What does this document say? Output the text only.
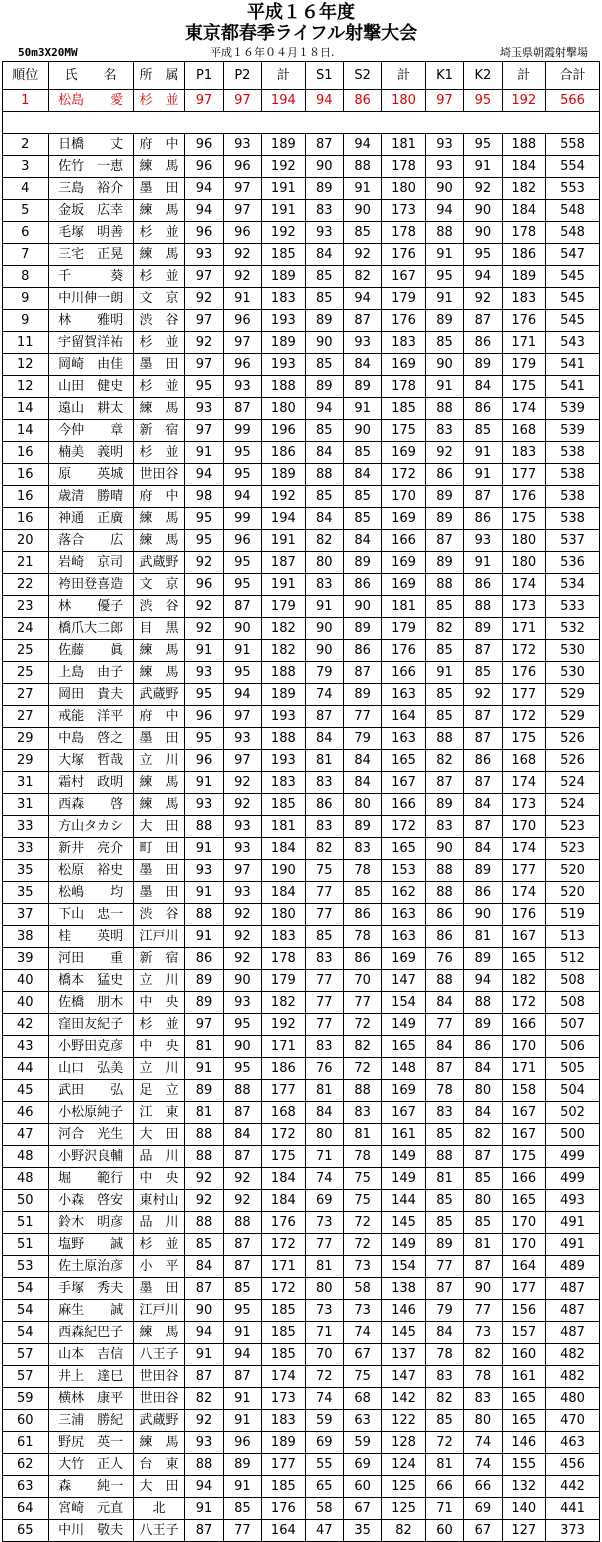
平成１６年度
東京都春季ライフル射撃大会
50m3X20MW	平成１６年０４月１８日.	埼玉県朝霞射撃場
順位	氏　　名	所　属	P1	P2	計	S1	S2	計	K1	K2	計	合計
1	松島　　愛	杉　並	97	97	194	94	86	180	97	95	192	566

2	日橋　　丈	府　中	96	93	189	87	94	181	93	95	188	558
3	佐竹　一恵	練　馬	96	96	192	90	88	178	93	91	184	554
4	三島　裕介	墨　田	94	97	191	89	91	180	90	92	182	553
5	金坂　広幸	練　馬	94	97	191	83	90	173	94	90	184	548
6	毛塚　明善	杉　並	96	96	192	93	85	178	88	90	178	548
7	三宅　正晃	練　馬	93	92	185	84	92	176	91	95	186	547
8	千　　　葵	杉　並	97	92	189	85	82	167	95	94	189	545
9	中川伸一朗	文　京	92	91	183	85	94	179	91	92	183	545
9	林　　雅明	渋　谷	97	96	193	89	87	176	89	87	176	545
11	宇留賀洋祐	杉　並	92	97	189	90	93	183	85	86	171	543
12	岡崎　由佳	墨　田	97	96	193	85	84	169	90	89	179	541
12	山田　健史	杉　並	95	93	188	89	89	178	91	84	175	541
14	遠山　耕太	練　馬	93	87	180	94	91	185	88	86	174	539
14	今仲　　章	新　宿	97	99	196	85	90	175	83	85	168	539
16	楠美　義明	杉　並	91	95	186	84	85	169	92	91	183	538
16	原　　英城	世田谷	94	95	189	88	84	172	86	91	177	538
16	歳清　勝晴	府　中	98	94	192	85	85	170	89	87	176	538
16	神通　正廣	練　馬	95	99	194	84	85	169	89	86	175	538
20	落合　　広	練　馬	95	96	191	82	84	166	87	93	180	537
21	岩崎　京司	武蔵野	92	95	187	80	89	169	89	91	180	536
22	袴田登喜造	文　京	96	95	191	83	86	169	88	86	174	534
23	林　　優子	渋　谷	92	87	179	91	90	181	85	88	173	533
24	橋爪大二郎	目　黒	92	90	182	90	89	179	82	89	171	532
25	佐藤　　眞	練　馬	91	91	182	90	86	176	85	87	172	530
25	上島　由子	練　馬	93	95	188	79	87	166	91	85	176	530
27	岡田　貴夫	武蔵野	95	94	189	74	89	163	85	92	177	529
27	戒能　洋平	府　中	96	97	193	87	77	164	85	87	172	529
29	中島　啓之	墨　田	95	93	188	84	79	163	88	87	175	526
29	大塚　哲哉	立　川	96	97	193	81	84	165	82	86	168	526
31	霜村　政明	練　馬	91	92	183	83	84	167	87	87	174	524
31	西森　　啓	練　馬	93	92	185	86	80	166	89	84	173	524
33	方山タカシ	大　田	88	93	181	83	89	172	83	87	170	523
33	新井　亮介	町　田	91	93	184	82	83	165	90	84	174	523
35	松原　裕史	墨　田	93	97	190	75	78	153	88	89	177	520
35	松嶋　　均	墨　田	91	93	184	77	85	162	88	86	174	520
37	下山　忠一	渋　谷	88	92	180	77	86	163	86	90	176	519
38	桂　　英明	江戸川	91	92	183	85	78	163	86	81	167	513
39	河田　　重	新　宿	86	92	178	83	86	169	76	89	165	512
40	橋本　猛史	立　川	89	90	179	77	70	147	88	94	182	508
40	佐橋　朋木	中　央	89	93	182	77	77	154	84	88	172	508
42	窪田友紀子	杉　並	97	95	192	77	72	149	77	89	166	507
43	小野田克彦	中　央	81	90	171	83	82	165	84	86	170	506
44	山口　弘美	立　川	91	95	186	76	72	148	87	84	171	505
45	武田　　弘	足　立	89	88	177	81	88	169	78	80	158	504
46	小松原純子	江　東	81	87	168	84	83	167	83	84	167	502
47	河合　光生	大　田	88	84	172	80	81	161	85	82	167	500
48	小野沢良輔	品　川	88	87	175	71	78	149	88	87	175	499
48	堀　　範行	中　央	92	92	184	74	75	149	81	85	166	499
50	小森　啓安	東村山	92	92	184	69	75	144	85	80	165	493
51	鈴木　明彦	品　川	88	88	176	73	72	145	85	85	170	491
51	塩野　　誠	杉　並	85	87	172	77	72	149	89	81	170	491
53	佐土原治彦	小　平	84	87	171	81	73	154	77	87	164	489
54	手塚　秀夫	墨　田	87	85	172	80	58	138	87	90	177	487
54	麻生　　誠	江戸川	90	95	185	73	73	146	79	77	156	487
54	西森紀巴子	練　馬	94	91	185	71	74	145	84	73	157	487
57	山本　吉信	八王子	91	94	185	70	67	137	78	82	160	482
57	井上　達巳	世田谷	87	87	174	72	75	147	83	78	161	482
59	横林　康平	世田谷	82	91	173	74	68	142	82	83	165	480
60	三浦　勝紀	武蔵野	92	91	183	59	63	122	85	80	165	470
61	野尻　英一	練　馬	93	96	189	69	59	128	72	74	146	463
62	大竹　正人	台　東	88	89	177	55	69	124	81	74	155	456
63	森　　純一	大　田	94	91	185	65	60	125	66	66	132	442
64	宮崎　元直	北	91	85	176	58	67	125	71	69	140	441
65	中川　敬夫	八王子	87	77	164	47	35	82	60	67	127	373
